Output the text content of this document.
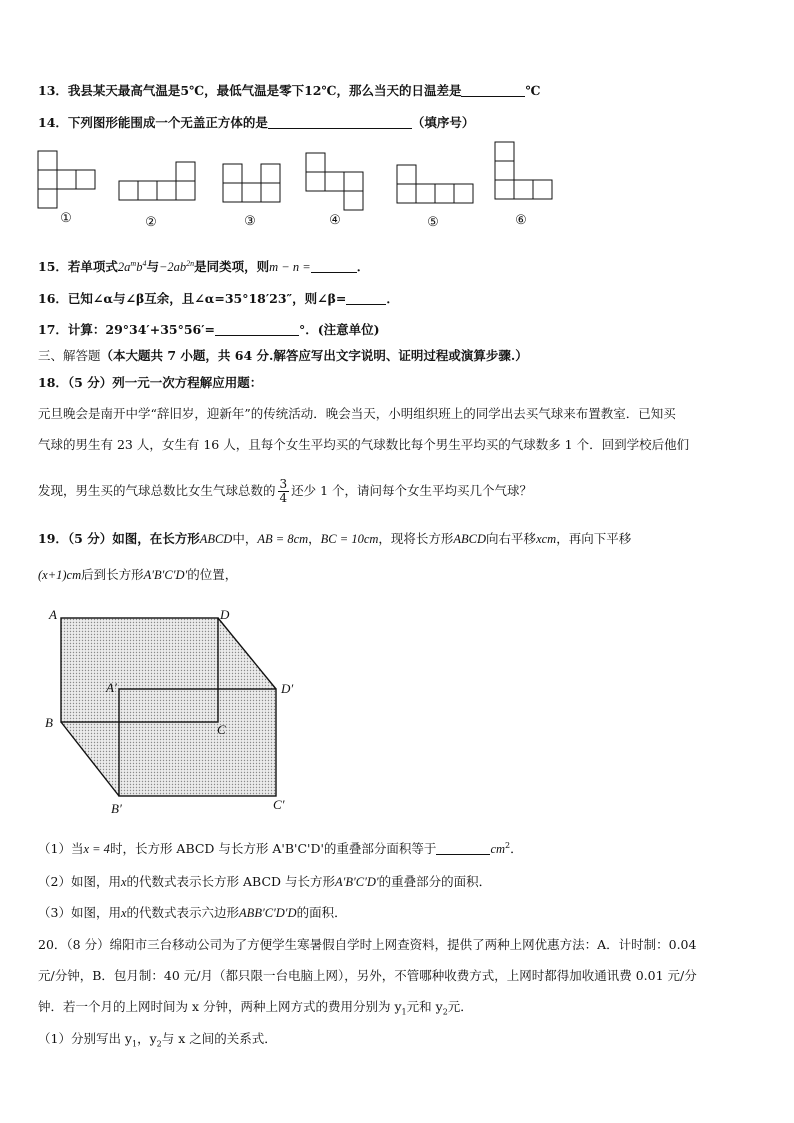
13．我县某天最高气温是5℃，最低气温是零下12℃，那么当天的日温差是	℃
14．下列图形能围成一个无盖正方体的是	（填序号）
①	②	③	④	⑤	⑥
15．若单项式$2a^mb^4$与$-2ab^{2n}$是同类项，则m − n =	．
16．已知∠α与∠β互余，且∠α=35°18′23″，则∠β=	．
17．计算：29°34′+35°56′=	°．(注意单位)
三、解答题（本大题共 7 小题，共 64 分.解答应写出文字说明、证明过程或演算步骤.）
18．（5 分）列一元一次方程解应用题：
元旦晚会是南开中学“辞旧岁，迎新年”的传统活动．晚会当天，小明组织班上的同学出去买气球来布置教室．已知买
气球的男生有 23 人，女生有 16 人，且每个女生平均买的气球数比每个男生平均买的气球数多 1 个．回到学校后他们
发现，男生买的气球总数比女生气球总数的 $\frac{3}{4}$ 还少 1 个，请问每个女生平均买几个气球？
19．（5 分）如图，在长方形ABCD中，AB = 8cm，BC = 10cm，现将长方形ABCD向右平移xcm，再向下平移
(x+1)cm后到长方形A′B′C′D′的位置，
A	D
A′	D′
B	C
B′	C′
（1）当x = 4时，长方形 ABCD 与长方形 A'B'C'D'的重叠部分面积等于	$cm^2$．
（2）如图，用x的代数式表示长方形 ABCD 与长方形A′B′C′D′的重叠部分的面积．
（3）如图，用x的代数式表示六边形ABB′C′D′D的面积．
20．（8 分）绵阳市三台移动公司为了方便学生寒暑假自学时上网查资料，提供了两种上网优惠方法：A．计时制：0.04
元/分钟，B．包月制：40 元/月（都只限一台电脑上网），另外，不管哪种收费方式，上网时都得加收通讯费 0.01 元/分
钟．若一个月的上网时间为 x 分钟，两种上网方式的费用分别为 $y_1$元和 $y_2$元．
（1）分别写出 $y_1$，$y_2$与 x 之间的关系式．
